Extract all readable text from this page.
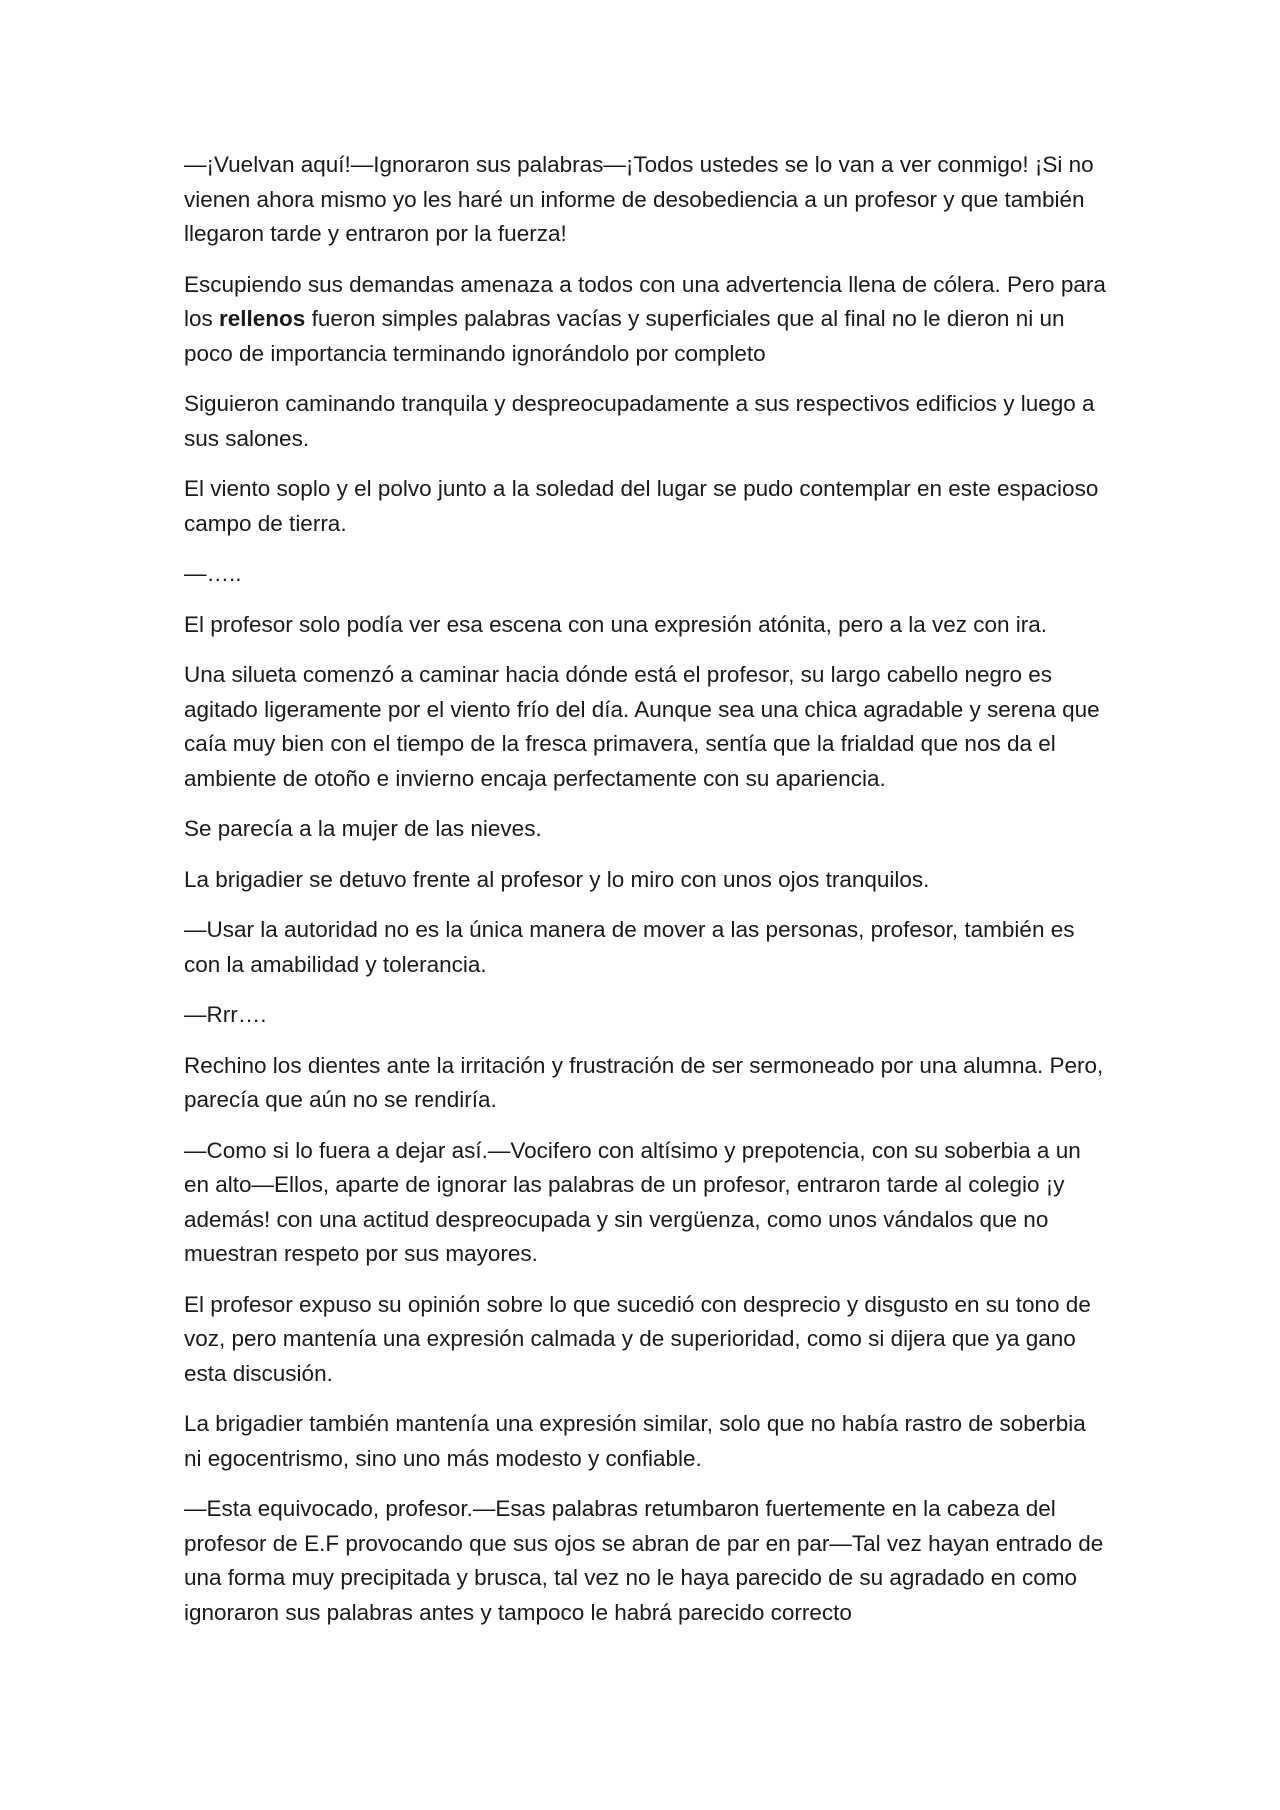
—¡Vuelvan aquí!—Ignoraron sus palabras—¡Todos ustedes se lo van a ver conmigo! ¡Si no vienen ahora mismo yo les haré un informe de desobediencia a un profesor y que también llegaron tarde y entraron por la fuerza!

Escupiendo sus demandas amenaza a todos con una advertencia llena de cólera. Pero para los rellenos fueron simples palabras vacías y superficiales que al final no le dieron ni un poco de importancia terminando ignorándolo por completo

Siguieron caminando tranquila y despreocupadamente a sus respectivos edificios y luego a sus salones.

El viento soplo y el polvo junto a la soledad del lugar se pudo contemplar en este espacioso campo de tierra.

—…..

El profesor solo podía ver esa escena con una expresión atónita, pero a la vez con ira.

Una silueta comenzó a caminar hacia dónde está el profesor, su largo cabello negro es agitado ligeramente por el viento frío del día. Aunque sea una chica agradable y serena que caía muy bien con el tiempo de la fresca primavera, sentía que la frialdad que nos da el ambiente de otoño e invierno encaja perfectamente con su apariencia.

Se parecía a la mujer de las nieves.

La brigadier se detuvo frente al profesor y lo miro con unos ojos tranquilos.

—Usar la autoridad no es la única manera de mover a las personas, profesor, también es con la amabilidad y tolerancia.

—Rrr….

Rechino los dientes ante la irritación y frustración de ser sermoneado por una alumna. Pero, parecía que aún no se rendiría.

—Como si lo fuera a dejar así.—Vocifero con altísimo y prepotencia, con su soberbia a un en alto—Ellos, aparte de ignorar las palabras de un profesor, entraron tarde al colegio ¡y además! con una actitud despreocupada y sin vergüenza, como unos vándalos que no muestran respeto por sus mayores.

El profesor expuso su opinión sobre lo que sucedió con desprecio y disgusto en su tono de voz, pero mantenía una expresión calmada y de superioridad, como si dijera que ya gano esta discusión.

La brigadier también mantenía una expresión similar, solo que no había rastro de soberbia ni egocentrismo, sino uno más modesto y confiable.

—Esta equivocado, profesor.—Esas palabras retumbaron fuertemente en la cabeza del profesor de E.F provocando que sus ojos se abran de par en par—Tal vez hayan entrado de una forma muy precipitada y brusca, tal vez no le haya parecido de su agradado en como ignoraron sus palabras antes y tampoco le habrá parecido correcto
